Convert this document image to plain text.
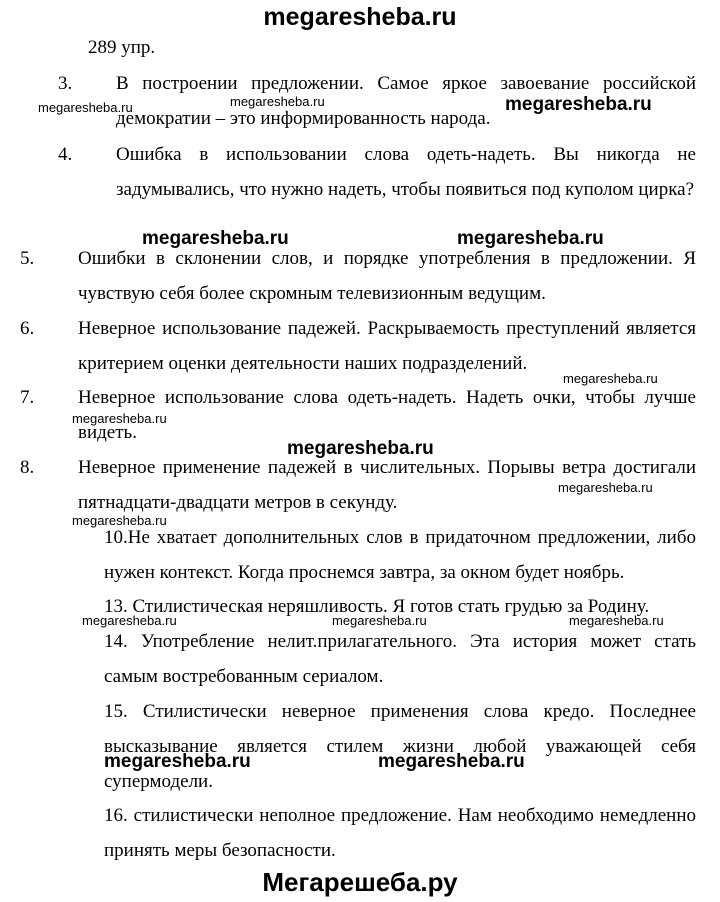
megaresheba.ru
289 упр.
3. В построении предложении. Самое яркое завоевание российской демократии – это информированность народа.
4. Ошибка в использовании слова одеть-надеть. Вы никогда не задумывались, что нужно надеть, чтобы появиться под куполом цирка?
5. Ошибки в склонении слов, и порядке употребления в предложении. Я чувствую себя более скромным телевизионным ведущим.
6. Неверное использование падежей. Раскрываемость преступлений является критерием оценки деятельности наших подразделений.
7. Неверное использование слова одеть-надеть. Надеть очки, чтобы лучше видеть.
8. Неверное применение падежей в числительных. Порывы ветра достигали пятнадцати-двадцати метров в секунду.
10.Не хватает дополнительных слов в придаточном предложении, либо нужен контекст. Когда проснемся завтра, за окном будет ноябрь.
13. Стилистическая неряшливость. Я готов стать грудью за Родину.
14. Употребление нелит.прилагательного. Эта история может стать самым востребованным сериалом.
15. Стилистически неверное применения слова кредо. Последнее высказывание является стилем жизни любой уважающей себя супермодели.
16. стилистически неполное предложение. Нам необходимо немедленно принять меры безопасности.
megaresheba.ru	megaresheba.ru	megaresheba.ru
megaresheba.ru	megaresheba.ru
megaresheba.ru
megaresheba.ru
megaresheba.ru
megaresheba.ru
megaresheba.ru
megaresheba.ru	megaresheba.ru	megaresheba.ru
megaresheba.ru	megaresheba.ru
Мегарешеба.ру
